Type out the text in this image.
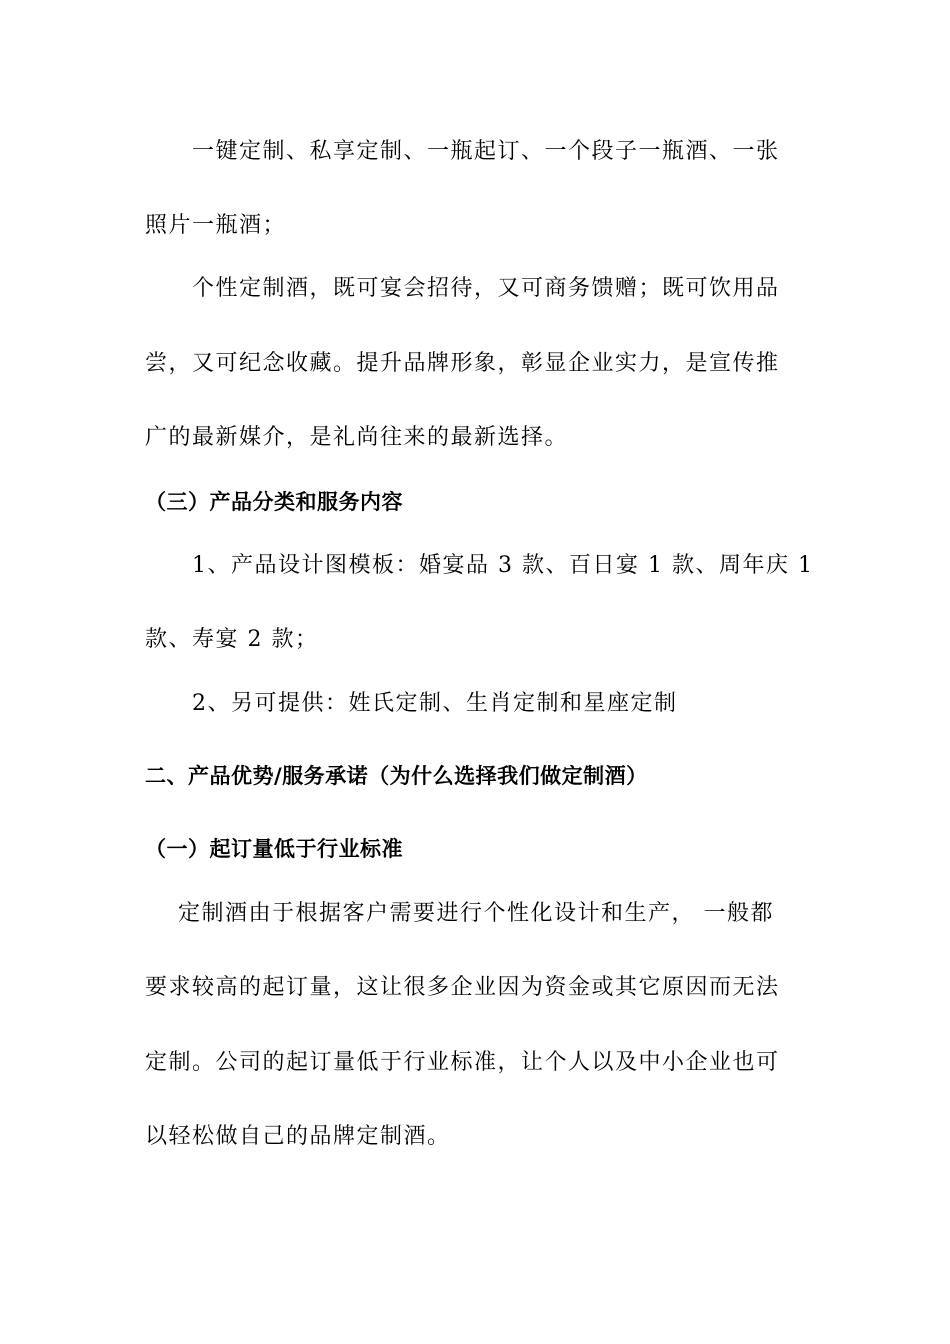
一键定制、私享定制、一瓶起订、一个段子一瓶酒、一张
照片一瓶酒；
个性定制酒，既可宴会招待，又可商务馈赠；既可饮用品
尝，又可纪念收藏。提升品牌形象，彰显企业实力，是宣传推
广的最新媒介，是礼尚往来的最新选择。
（三）产品分类和服务内容
1、产品设计图模板：婚宴品 3 款、百日宴 1 款、周年庆 1
款、寿宴 2 款；
2、另可提供：姓氏定制、生肖定制和星座定制
二、产品优势/服务承诺（为什么选择我们做定制酒）
（一）起订量低于行业标准
定制酒由于根据客户需要进行个性化设计和生产， 一般都
要求较高的起订量，这让很多企业因为资金或其它原因而无法
定制。公司的起订量低于行业标准，让个人以及中小企业也可
以轻松做自己的品牌定制酒。
